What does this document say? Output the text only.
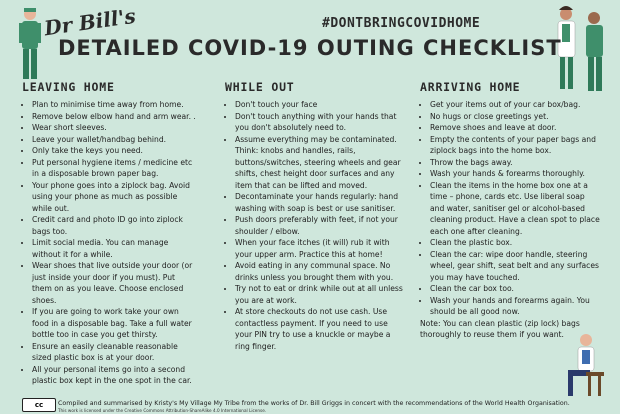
Dr Bill's	#DONTBRINGCOVIDHOME
DETAILED COVID-19 OUTING CHECKLIST
LEAVING HOME
• Plan to minimise time away from home.
• Remove below elbow hand and arm wear. .
• Wear short sleeves.
• Leave your wallet/handbag behind.
• Only take the keys you need.
• Put personal hygiene items / medicine etc in a disposable brown paper bag.
• Your phone goes into a ziplock bag. Avoid using your phone as much as possible while out.
• Credit card and photo ID go into ziplock bags too.
• Limit social media. You can manage without it for a while.
• Wear shoes that live outside your door (or just inside your door if you must). Put them on as you leave. Choose enclosed shoes.
• If you are going to work take your own food in a disposable bag. Take a full water bottle too in case you get thirsty.
• Ensure an easily cleanable reasonable sized plastic box is at your door.
• All your personal items go into a second plastic box kept in the one spot in the car.
WHILE OUT
• Don't touch your face
• Don't touch anything with your hands that you don't absolutely need to.
• Assume everything may be contaminated. Think: knobs and handles, rails, buttons/switches, steering wheels and gear shifts, chest height door surfaces and any item that can be lifted and moved.
• Decontaminate your hands regularly: hand washing with soap is best or use sanitiser.
• Push doors preferably with feet, if not your shoulder / elbow.
• When your face itches (it will) rub it with your upper arm. Practice this at home!
• Avoid eating in any communal space. No drinks unless you brought them with you.
• Try not to eat or drink while out at all unless you are at work.
• At store checkouts do not use cash. Use contactless payment. If you need to use your PIN try to use a knuckle or maybe a ring finger.
ARRIVING HOME
• Get your items out of your car box/bag.
• No hugs or close greetings yet.
• Remove shoes and leave at door.
• Empty the contents of your paper bags and ziplock bags into the home box.
• Throw the bags away.
• Wash your hands & forearms thoroughly.
• Clean the items in the home box one at a time – phone, cards etc. Use liberal soap and water, sanitiser gel or alcohol-based cleaning product. Have a clean spot to place each one after cleaning.
• Clean the plastic box.
• Clean the car: wipe door handle, steering wheel, gear shift, seat belt and any surfaces you may have touched.
• Clean the car box too.
• Wash your hands and forearms again. You should be all good now.

Note: You can clean plastic (zip lock) bags thoroughly to reuse them if you want.

cc	Compiled and summarised by Kristy's My Village My Tribe from the works of Dr. Bill Griggs in concert with the recommendations of the World Health Organisation.
This work is licensed under the Creative Commons Attribution-ShareAlike 4.0 International License.
